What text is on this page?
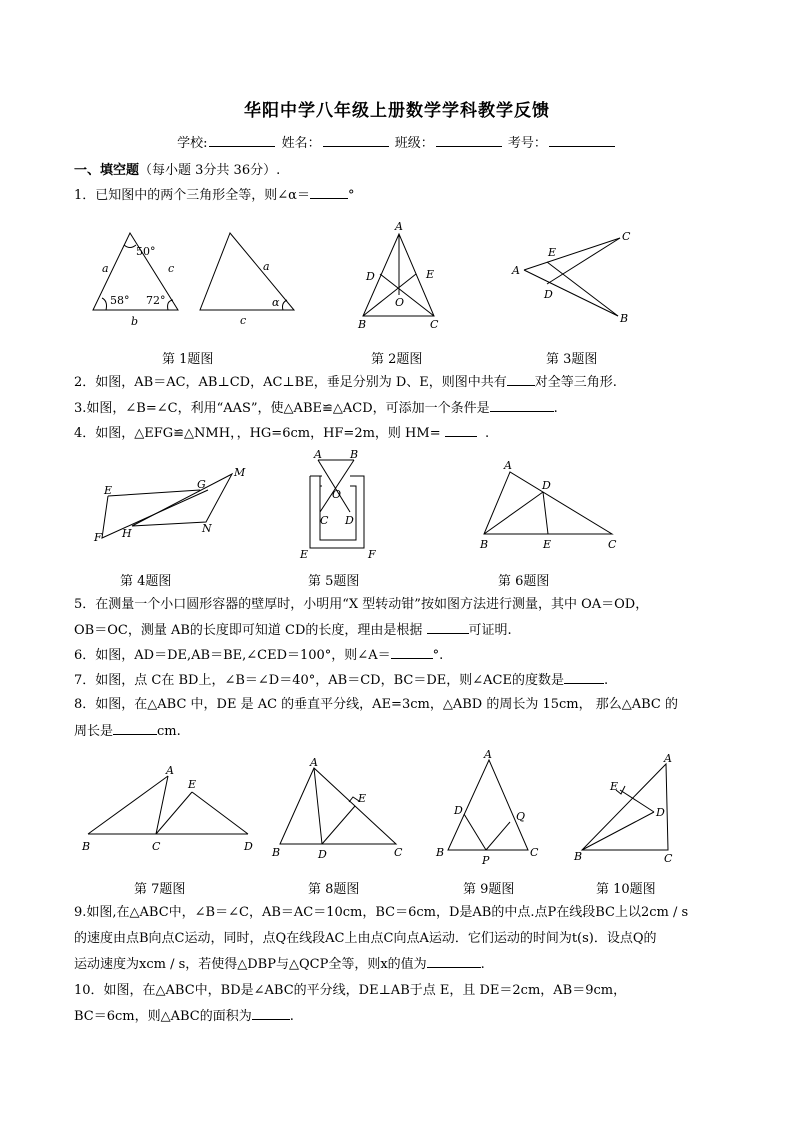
华阳中学八年级上册数学学科教学反馈
学校:	姓名：	班级：	考号：
一、填空题（每小题 3分共 36分）.
1．已知图中的两个三角形全等，则∠α＝	°
50°
58° 72°
a	c
b
a
c
α
A
D	E
O
B	C
C
E
A
D
B
第 1题图	第 2题图	第 3题图
2．如图，AB＝AC，AB⊥CD，AC⊥BE，垂足分别为 D、E，则图中共有 对全等三角形.
3.如图，∠B=∠C，利用“AAS”，使△ABE≌△ACD，可添加一个条件是	.
4．如图，△EFG≌△NMH，，HG=6cm，HF=2m，则 HM=	.
E	G
M
F H	N
A	B
O
C D
E	F
A
D
B	E	C
第 4题图	第 5题图	第 6题图
5．在测量一个小口圆形容器的壁厚时，小明用“X 型转动钳”按如图方法进行测量，其中 OA＝OD，
OB＝OC，测量 AB的长度即可知道 CD的长度，理由是根据	可证明.
6．如图，AD＝DE,AB＝BE,∠CED＝100°，则∠A＝	°.
7．如图，点 C在 BD上，∠B＝∠D＝40°，AB＝CD，BC＝DE，则∠ACE的度数是	.
8．如图，在△ABC 中，DE 是 AC 的垂直平分线，AE=3cm，△ABD 的周长为 15cm， 那么△ABC 的
周长是	cm.
A
E
B	C	D
A
E
B	D	C
A
D	Q
B
P
C
A
E
D
B	C
第 7题图	第 8题图	第 9题图	第 10题图
9.如图,在△ABC中，∠B＝∠C，AB＝AC＝10cm，BC＝6cm，D是AB的中点.点P在线段BC上以2cm / s
的速度由点B向点C运动，同时，点Q在线段AC上由点C向点A运动．它们运动的时间为t(s)．设点Q的
运动速度为xcm / s，若使得△DBP与△QCP全等，则x的值为	.
10．如图，在△ABC中，BD是∠ABC的平分线，DE⊥AB于点 E，且 DE＝2cm，AB＝9cm，
BC＝6cm，则△ABC的面积为	.
